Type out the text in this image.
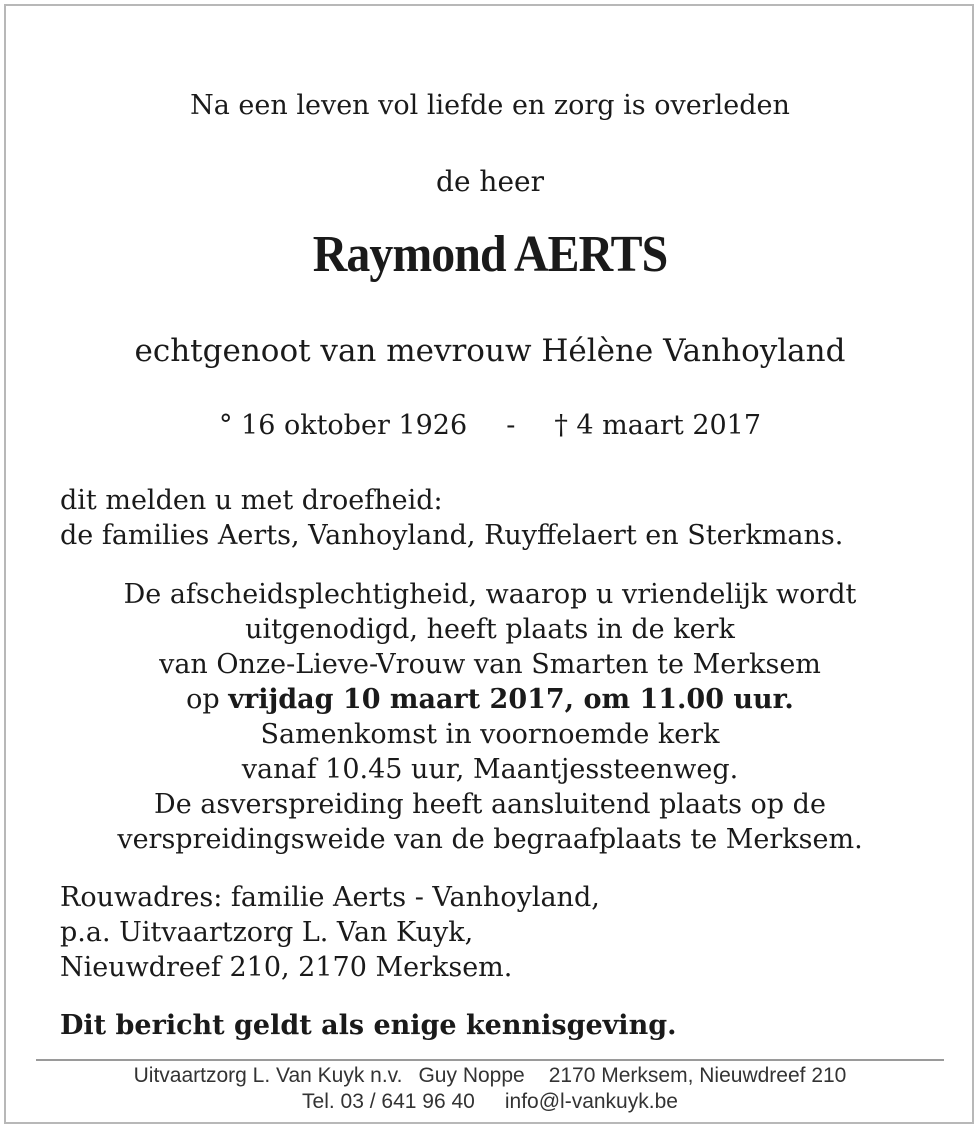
Na een leven vol liefde en zorg is overleden
de heer
Raymond AERTS
echtgenoot van mevrouw Hélène Vanhoyland
° 16 oktober 1926 - † 4 maart 2017
dit melden u met droefheid:
de families Aerts, Vanhoyland, Ruyffelaert en Sterkmans.
De afscheidsplechtigheid, waarop u vriendelijk wordt
uitgenodigd, heeft plaats in de kerk
van Onze-Lieve-Vrouw van Smarten te Merksem
op vrijdag 10 maart 2017, om 11.00 uur.
Samenkomst in voornoemde kerk
vanaf 10.45 uur, Maantjessteenweg.
De asverspreiding heeft aansluitend plaats op de
verspreidingsweide van de begraafplaats te Merksem.
Rouwadres: familie Aerts - Vanhoyland,
p.a. Uitvaartzorg L. Van Kuyk,
Nieuwdreef 210, 2170 Merksem.
Dit bericht geldt als enige kennisgeving.
Uitvaartzorg L. Van Kuyk n.v. Guy Noppe 2170 Merksem, Nieuwdreef 210
Tel. 03 / 641 96 40 info@l-vankuyk.be
